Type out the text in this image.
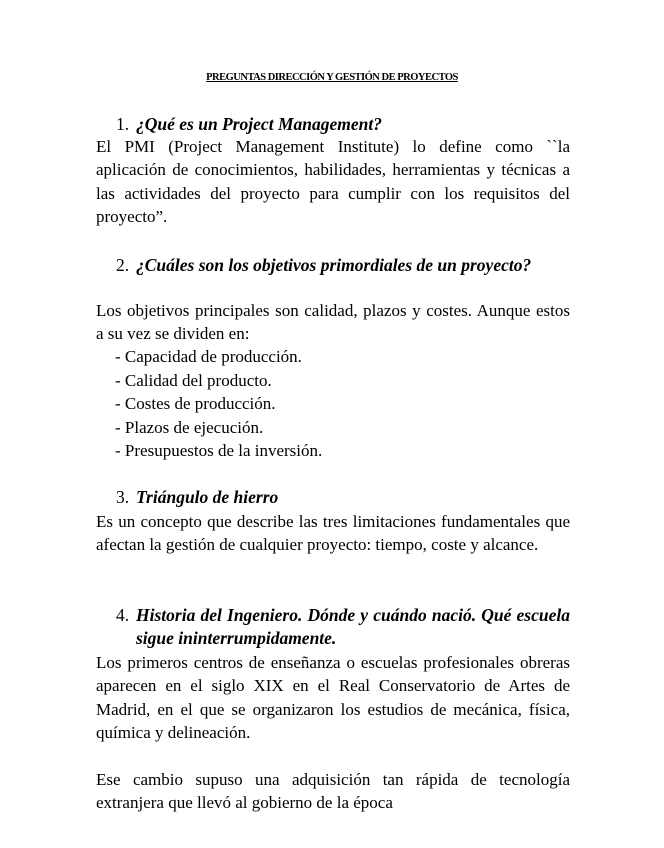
PREGUNTAS DIRECCIÓN Y GESTIÓN DE PROYECTOS
1. ¿Qué es un Project Management?
El PMI (Project Management Institute) lo define como ``la aplicación de conocimientos, habilidades, herramientas y técnicas a las actividades del proyecto para cumplir con los requisitos del proyecto”.
2. ¿Cuáles son los objetivos primordiales de un proyecto?
Los objetivos principales son calidad, plazos y costes. Aunque estos a su vez se dividen en:
- Capacidad de producción.
- Calidad del producto.
- Costes de producción.
- Plazos de ejecución.
- Presupuestos de la inversión.
3. Triángulo de hierro
Es un concepto que describe las tres limitaciones fundamentales que afectan la gestión de cualquier proyecto: tiempo, coste y alcance.
4. Historia del Ingeniero. Dónde y cuándo nació. Qué escuela sigue ininterrumpidamente.
Los primeros centros de enseñanza o escuelas profesionales obreras aparecen en el siglo XIX en el Real Conservatorio de Artes de Madrid, en el que se organizaron los estudios de mecánica, física, química y delineación.
Ese cambio supuso una adquisición tan rápida de tecnología extranjera que llevó al gobierno de la época
